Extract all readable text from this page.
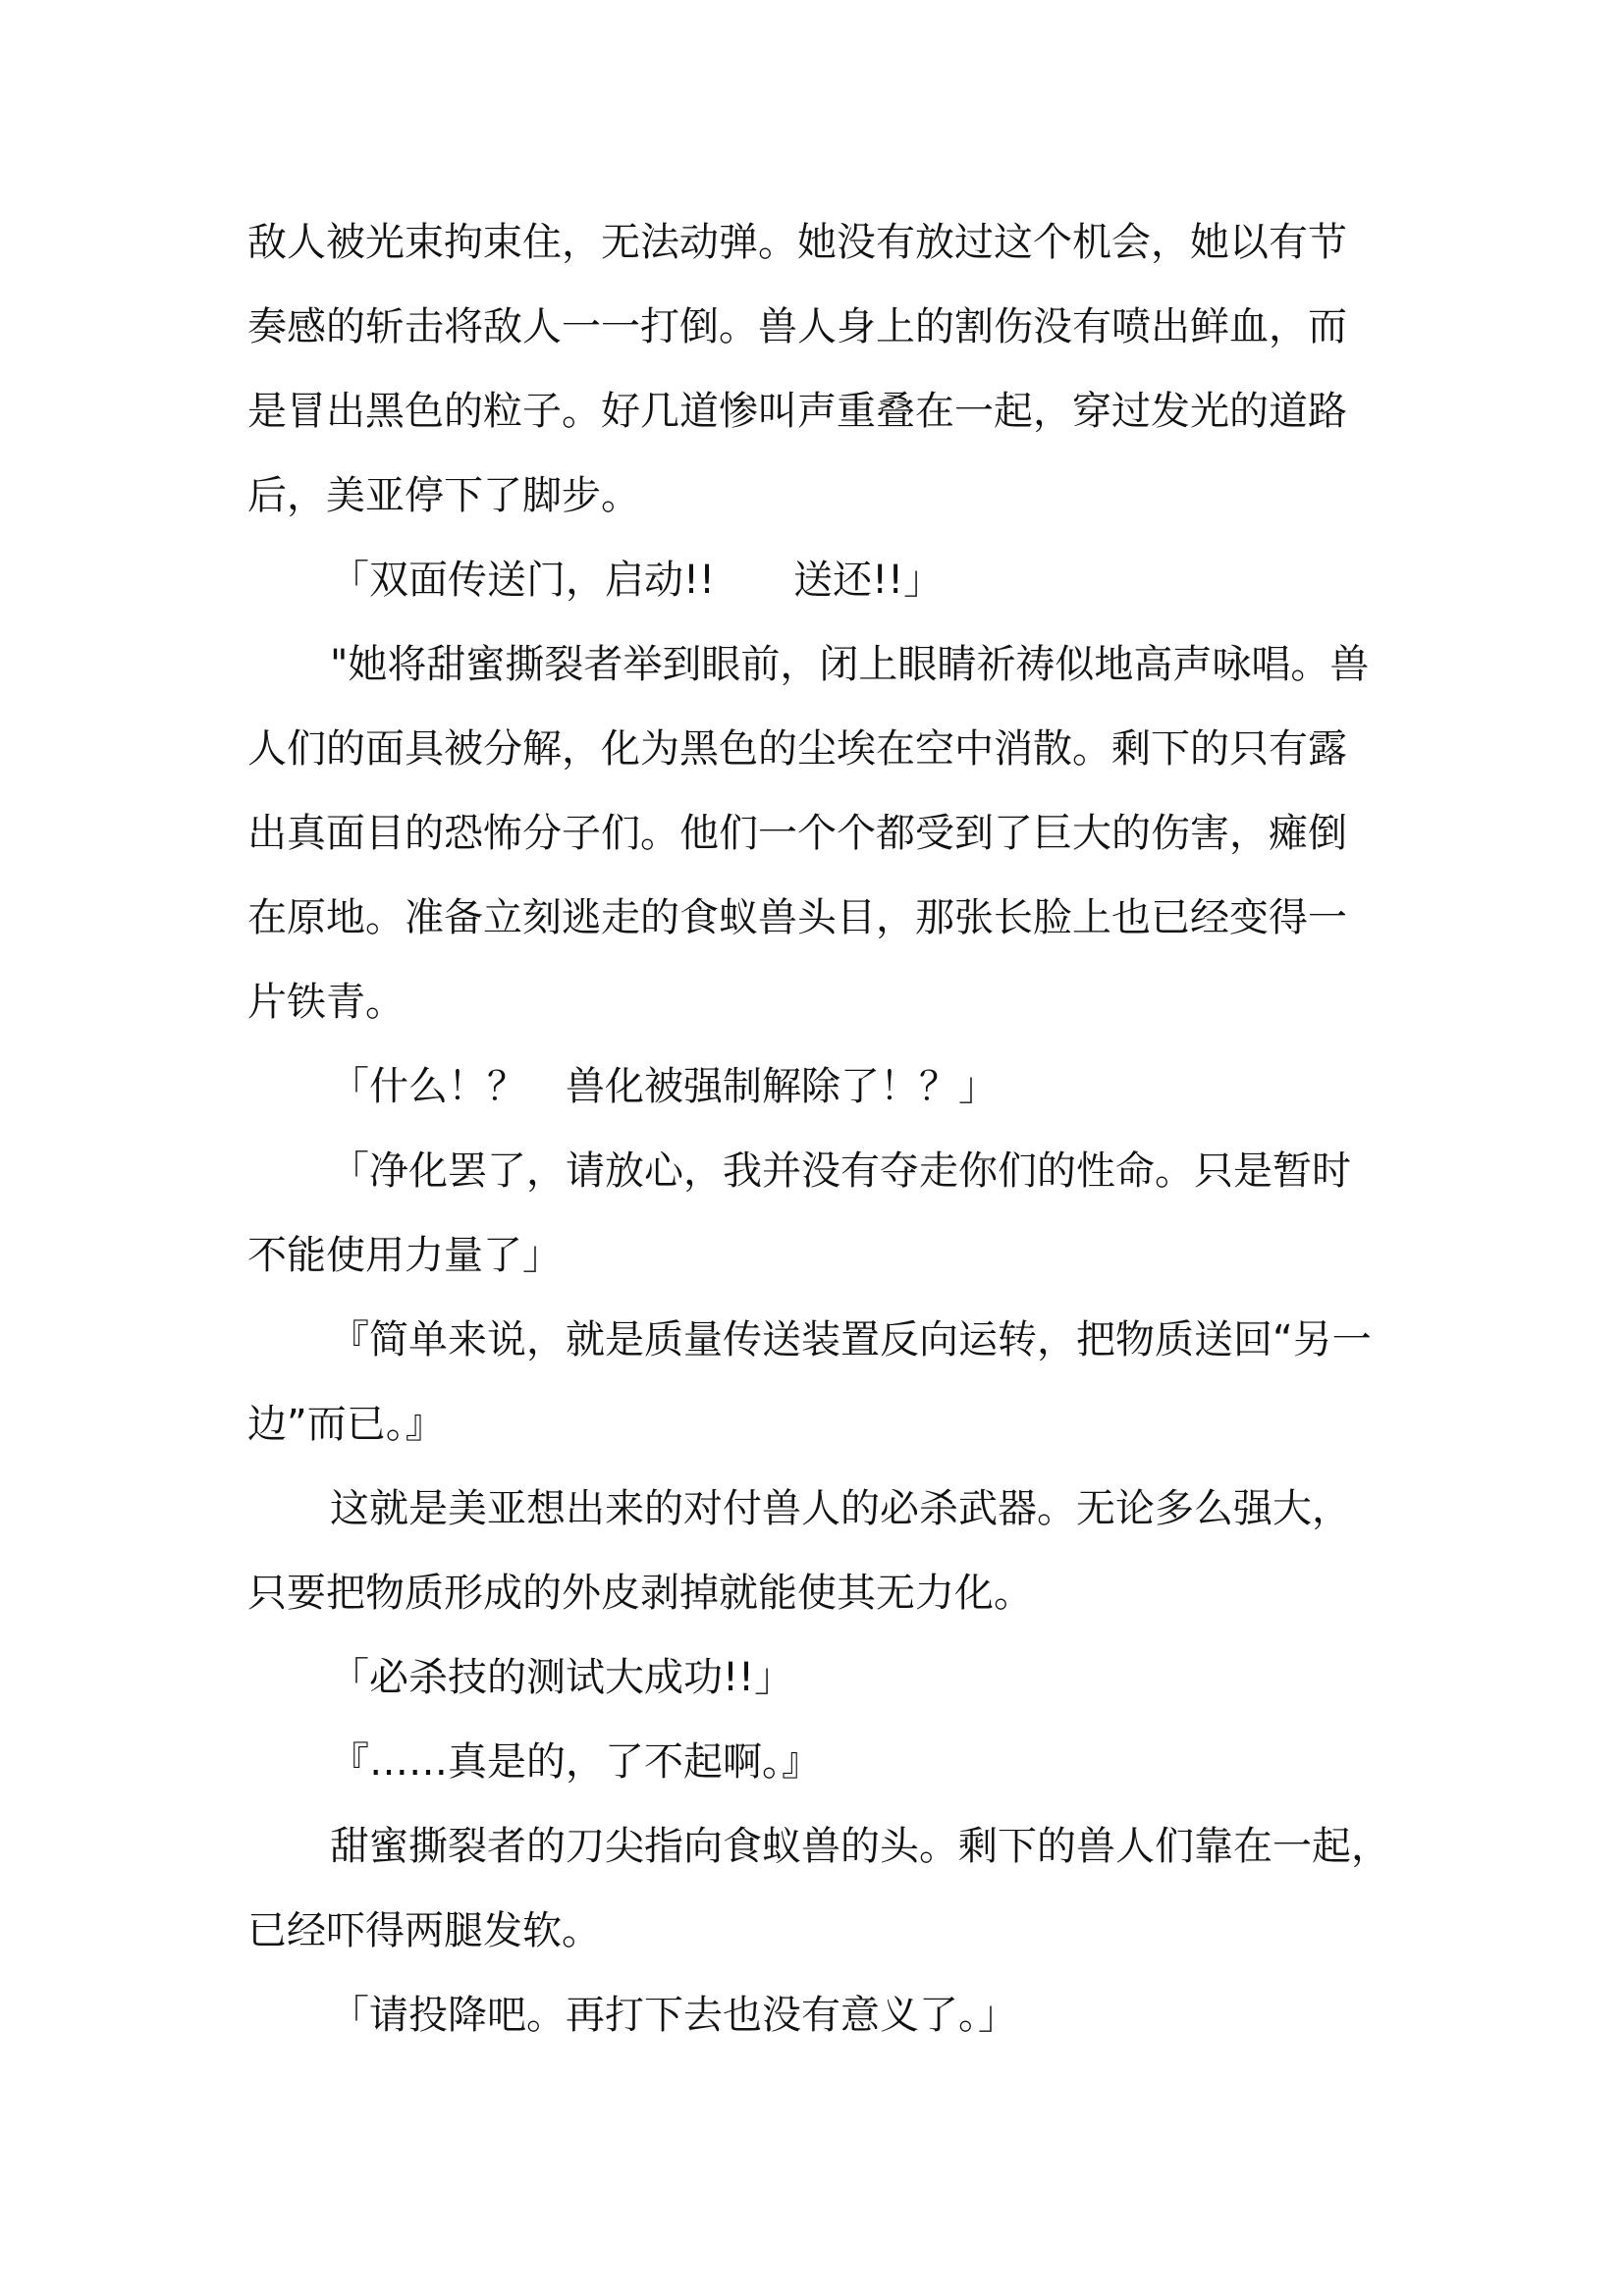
敌人被光束拘束住，无法动弹。她没有放过这个机会，她以有节

奏感的斩击将敌人一一打倒。兽人身上的割伤没有喷出鲜血，而

是冒出黑色的粒子。好几道惨叫声重叠在一起，穿过发光的道路

后，美亚停下了脚步。

「双面传送门，启动!!　　送还!!」

"她将甜蜜撕裂者举到眼前，闭上眼睛祈祷似地高声咏唱。兽

人们的面具被分解，化为黑色的尘埃在空中消散。剩下的只有露

出真面目的恐怖分子们。他们一个个都受到了巨大的伤害，瘫倒

在原地。准备立刻逃走的食蚁兽头目，那张长脸上也已经变得一

片铁青。

「什么！？　兽化被强制解除了！？」

「净化罢了，请放心，我并没有夺走你们的性命。只是暂时

不能使用力量了」

『简单来说，就是质量传送装置反向运转，把物质送回“另一

边”而已。』

这就是美亚想出来的对付兽人的必杀武器。无论多么强大，

只要把物质形成的外皮剥掉就能使其无力化。

「必杀技的测试大成功!!」

『……真是的，了不起啊。』

甜蜜撕裂者的刀尖指向食蚁兽的头。剩下的兽人们靠在一起，

已经吓得两腿发软。

「请投降吧。再打下去也没有意义了。」
